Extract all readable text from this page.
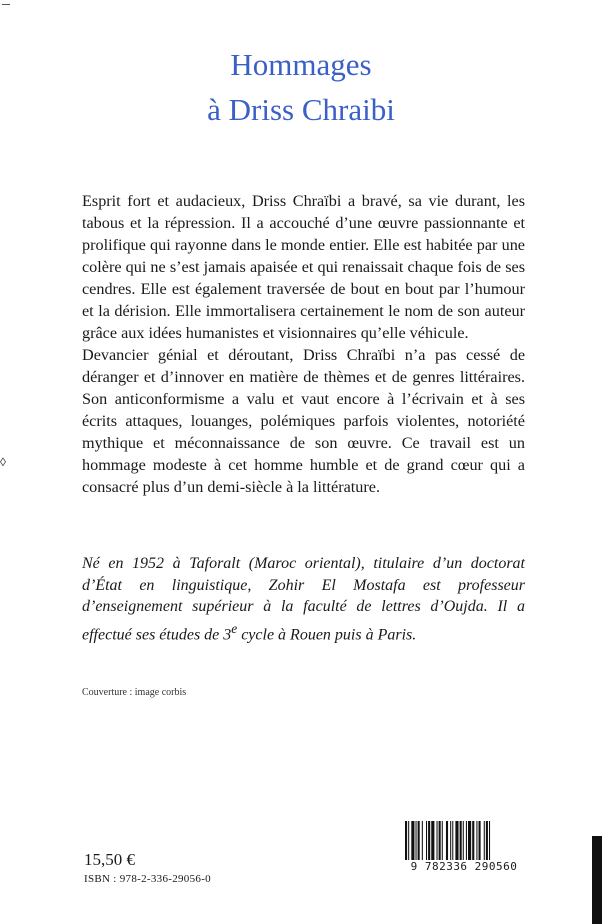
◊
Hommages
à Driss Chraibi

Esprit fort et audacieux, Driss Chraïbi a bravé, sa vie durant, les tabous et la répression. Il a accouché d’une œuvre passionnante et prolifique qui rayonne dans le monde entier. Elle est habitée par une colère qui ne s’est jamais apaisée et qui renaissait chaque fois de ses cendres. Elle est également traversée de bout en bout par l’humour et la dérision. Elle immortalisera certainement le nom de son auteur grâce aux idées humanistes et visionnaires qu’elle véhicule.

Devancier génial et déroutant, Driss Chraïbi n’a pas cessé de déranger et d’innover en matière de thèmes et de genres littéraires. Son anticonformisme a valu et vaut encore à l’écrivain et à ses écrits attaques, louanges, polémiques parfois violentes, notoriété mythique et méconnaissance de son œuvre. Ce travail est un hommage modeste à cet homme humble et de grand cœur qui a consacré plus d’un demi-siècle à la littérature.

Né en 1952 à Taforalt (Maroc oriental), titulaire d’un doctorat d’État en linguistique, Zohir El Mostafa est professeur d’enseignement supérieur à la faculté de lettres d’Oujda. Il a effectué ses études de 3e cycle à Rouen puis à Paris.
Couverture : image corbis
15,50 €
ISBN : 978-2-336-29056-0
9 782336 290560
